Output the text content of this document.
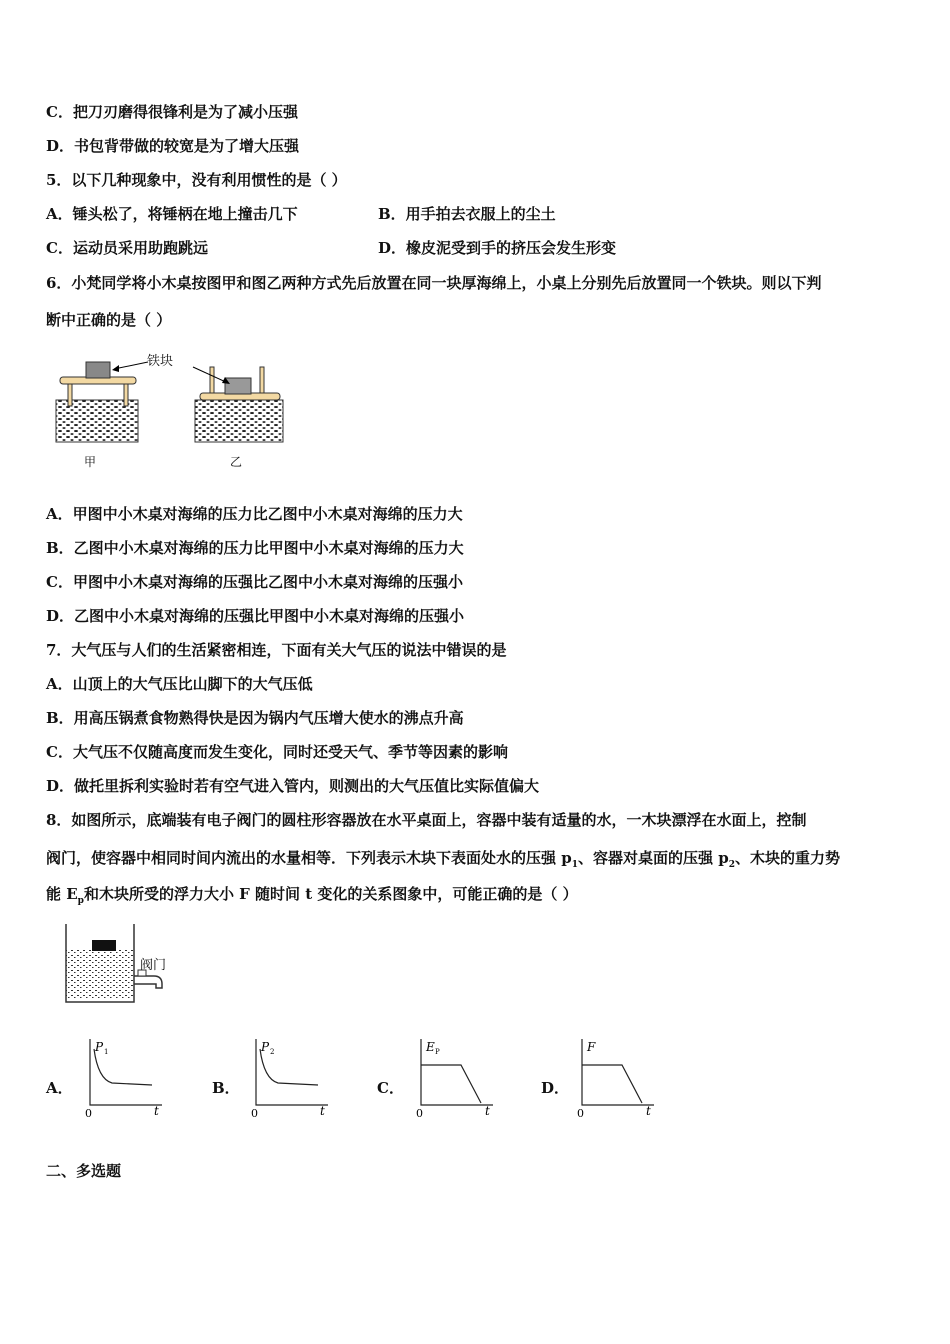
C．把刀刃磨得很锋利是为了减小压强
D．书包背带做的较宽是为了增大压强
5．以下几种现象中，没有利用惯性的是（ ）
A．锤头松了，将锤柄在地上撞击几下	B．用手拍去衣服上的尘土
C．运动员采用助跑跳远	D．橡皮泥受到手的挤压会发生形变
6．小梵同学将小木桌按图甲和图乙两种方式先后放置在同一块厚海绵上，小桌上分别先后放置同一个铁块。则以下判
断中正确的是（ ）
铁块
甲	乙
A．甲图中小木桌对海绵的压力比乙图中小木桌对海绵的压力大
B．乙图中小木桌对海绵的压力比甲图中小木桌对海绵的压力大
C．甲图中小木桌对海绵的压强比乙图中小木桌对海绵的压强小
D．乙图中小木桌对海绵的压强比甲图中小木桌对海绵的压强小
7．大气压与人们的生活紧密相连，下面有关大气压的说法中错误的是
A．山顶上的大气压比山脚下的大气压低
B．用高压锅煮食物熟得快是因为锅内气压增大使水的沸点升高
C．大气压不仅随高度而发生变化，同时还受天气、季节等因素的影响
D．做托里拆利实验时若有空气进入管内，则测出的大气压值比实际值偏大
8．如图所示，底端装有电子阀门的圆柱形容器放在水平桌面上，容器中装有适量的水，一木块漂浮在水面上，控制
阀门，使容器中相同时间内流出的水量相等．下列表示木块下表面处水的压强 $p_1$、容器对桌面的压强 $p_2$、木块的重力势
能 $E_p$和木块所受的浮力大小 F 随时间 t 变化的关系图象中，可能正确的是（ ）
阀门
A．
P 1
0	t
B．
P 2
0	t
C．
E P
0	t
D．
F
0	t
二、多选题
